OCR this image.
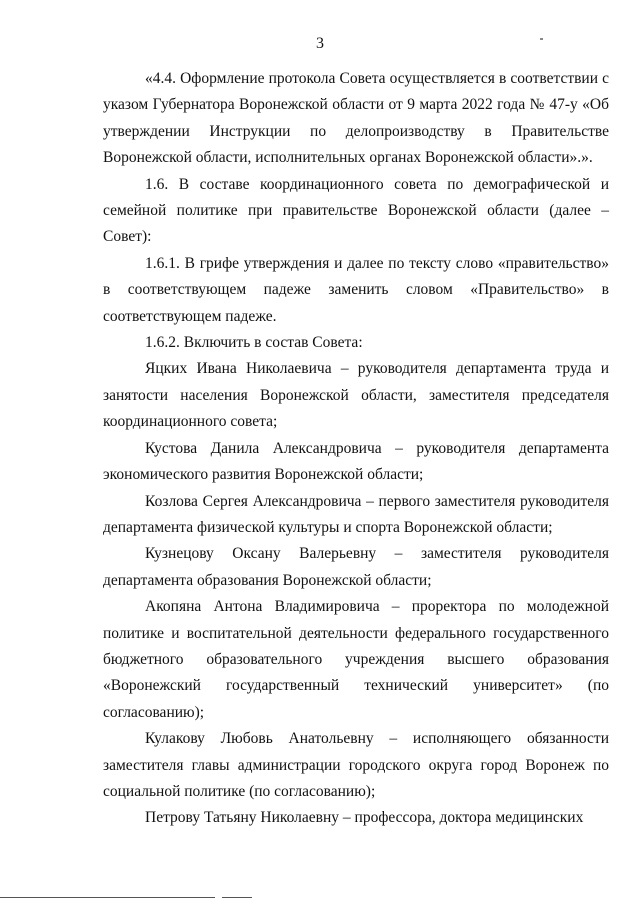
3

«4.4. Оформление протокола Совета осуществляется в соответствии с указом Губернатора Воронежской области от 9 марта 2022 года № 47-у «Об утверждении Инструкции по делопроизводству в Правительстве Воронежской области, исполнительных органах Воронежской области».».

1.6. В составе координационного совета по демографической и семейной политике при правительстве Воронежской области (далее – Совет):

1.6.1. В грифе утверждения и далее по тексту слово «правительство» в соответствующем падеже заменить словом «Правительство» в соответствующем падеже.

1.6.2. Включить в состав Совета:

Яцких Ивана Николаевича – руководителя департамента труда и занятости населения Воронежской области, заместителя председателя координационного совета;

Кустова Данила Александровича – руководителя департамента экономического развития Воронежской области;

Козлова Сергея Александровича – первого заместителя руководителя департамента физической культуры и спорта Воронежской области;

Кузнецову Оксану Валерьевну – заместителя руководителя департамента образования Воронежской области;

Акопяна Антона Владимировича – проректора по молодежной политике и воспитательной деятельности федерального государственного бюджетного образовательного учреждения высшего образования «Воронежский государственный технический университет» (по согласованию);

Кулакову Любовь Анатольевну – исполняющего обязанности заместителя главы администрации городского округа город Воронеж по социальной политике (по согласованию);

Петрову Татьяну Николаевну – профессора, доктора медицинских
